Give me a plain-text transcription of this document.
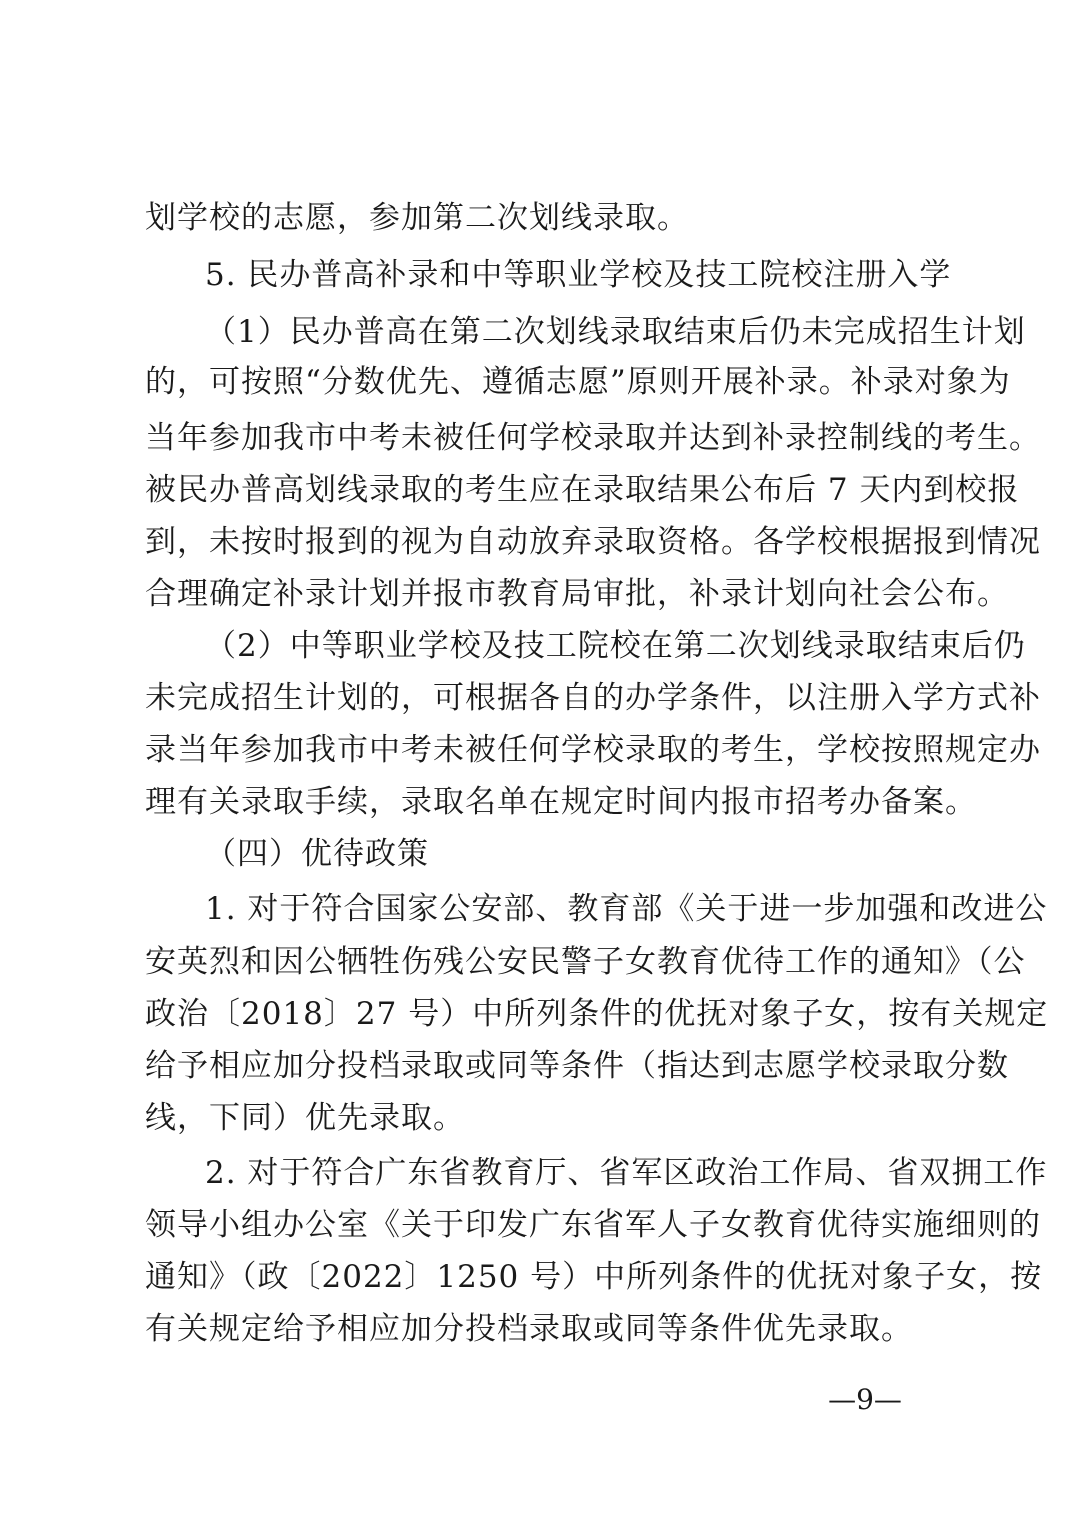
划学校的志愿，参加第二次划线录取。
5. 民办普高补录和中等职业学校及技工院校注册入学
（1）民办普高在第二次划线录取结束后仍未完成招生计划
的，可按照“分数优先、遵循志愿”原则开展补录。补录对象为
当年参加我市中考未被任何学校录取并达到补录控制线的考生。
被民办普高划线录取的考生应在录取结果公布后 7 天内到校报
到，未按时报到的视为自动放弃录取资格。各学校根据报到情况
合理确定补录计划并报市教育局审批，补录计划向社会公布。
（2）中等职业学校及技工院校在第二次划线录取结束后仍
未完成招生计划的，可根据各自的办学条件，以注册入学方式补
录当年参加我市中考未被任何学校录取的考生，学校按照规定办
理有关录取手续，录取名单在规定时间内报市招考办备案。
（四）优待政策
1. 对于符合国家公安部、教育部《关于进一步加强和改进公
安英烈和因公牺牲伤残公安民警子女教育优待工作的通知》（公
政治〔2018〕27 号）中所列条件的优抚对象子女，按有关规定
给予相应加分投档录取或同等条件（指达到志愿学校录取分数
线，下同）优先录取。
2. 对于符合广东省教育厅、省军区政治工作局、省双拥工作
领导小组办公室《关于印发广东省军人子女教育优待实施细则的
通知》（政〔2022〕1250 号）中所列条件的优抚对象子女，按
有关规定给予相应加分投档录取或同等条件优先录取。
—9—
